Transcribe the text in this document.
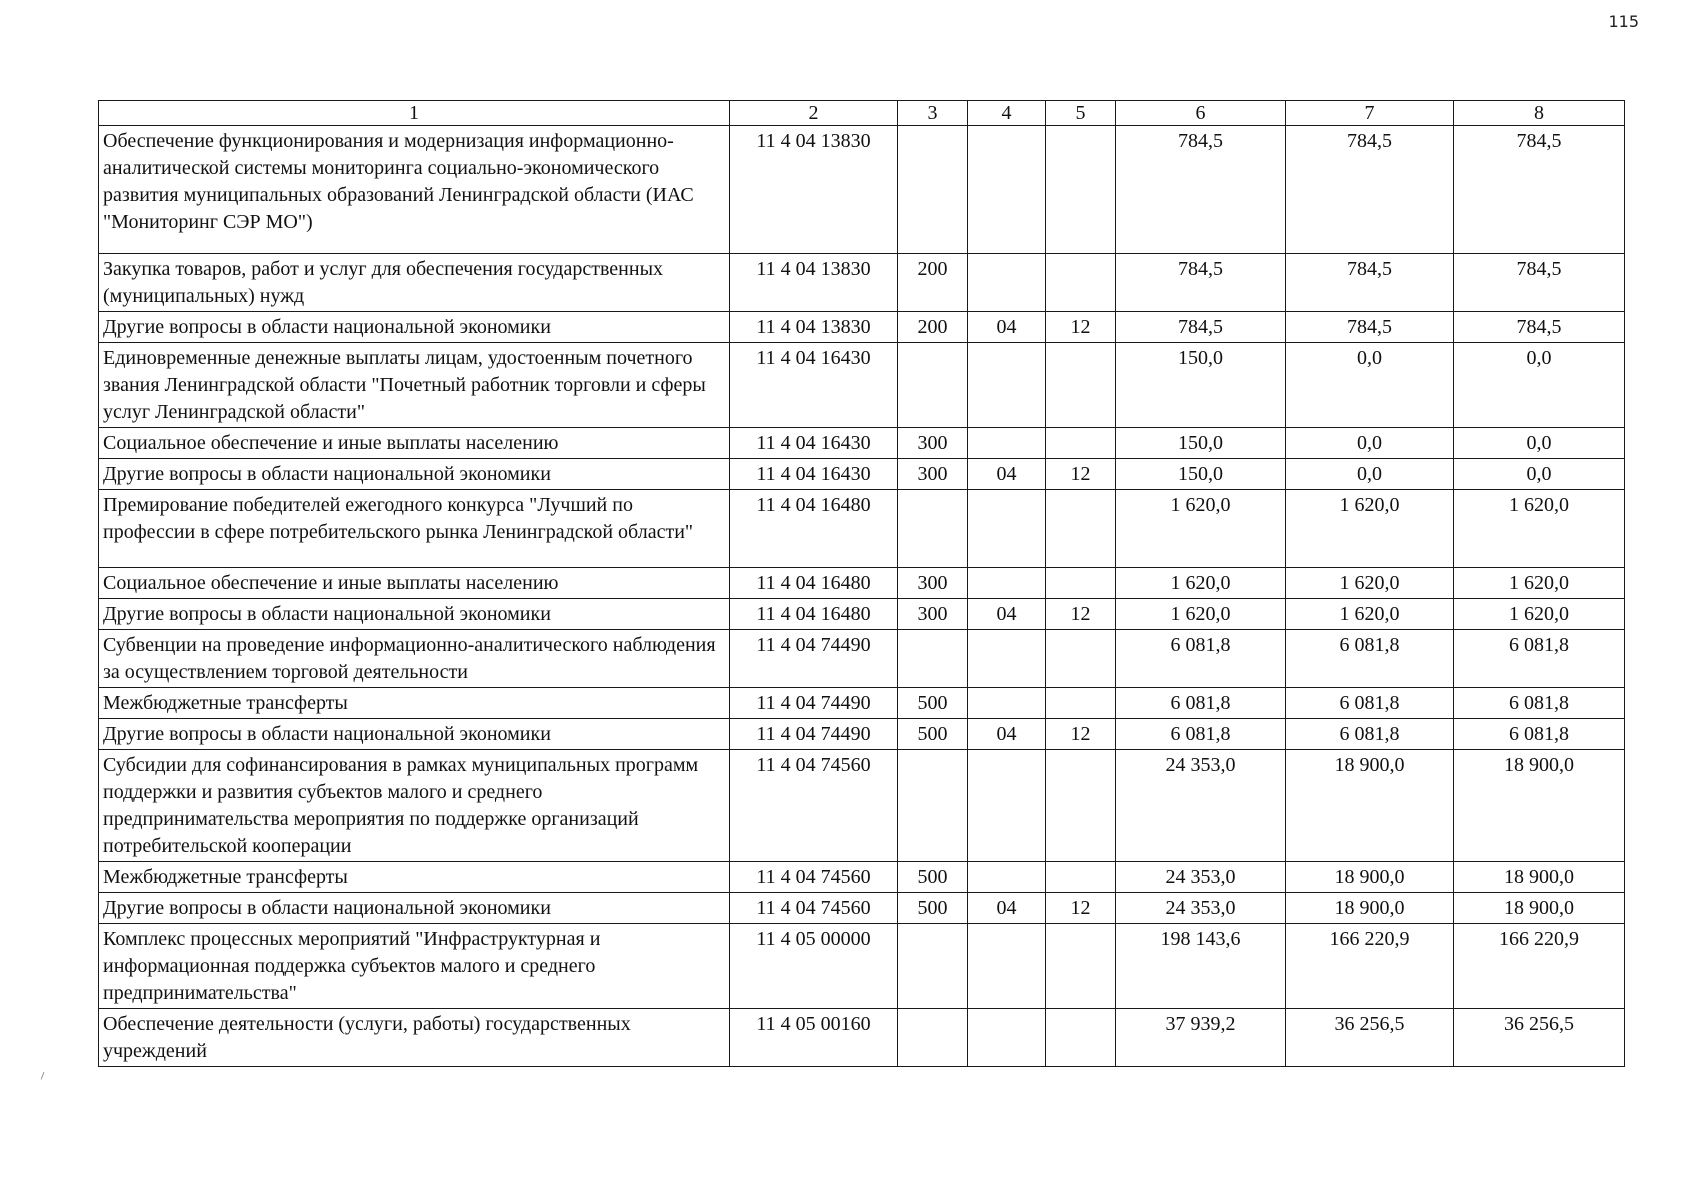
115
1	2	3	4	5	6	7	8
Обеспечение функционирования и модернизация информационно-аналитической системы мониторинга социально-экономического развития муниципальных образований Ленинградской области (ИАС "Мониторинг СЭР МО")	11 4 04 13830				784,5	784,5	784,5
Закупка товаров, работ и услуг для обеспечения государственных (муниципальных) нужд	11 4 04 13830	200			784,5	784,5	784,5
Другие вопросы в области национальной экономики	11 4 04 13830	200	04	12	784,5	784,5	784,5
Единовременные денежные выплаты лицам, удостоенным почетного звания Ленинградской области "Почетный работник торговли и сферы услуг Ленинградской области"	11 4 04 16430				150,0	0,0	0,0
Социальное обеспечение и иные выплаты населению	11 4 04 16430	300			150,0	0,0	0,0
Другие вопросы в области национальной экономики	11 4 04 16430	300	04	12	150,0	0,0	0,0
Премирование победителей ежегодного конкурса "Лучший по профессии в сфере потребительского рынка Ленинградской области"	11 4 04 16480				1 620,0	1 620,0	1 620,0
Социальное обеспечение и иные выплаты населению	11 4 04 16480	300			1 620,0	1 620,0	1 620,0
Другие вопросы в области национальной экономики	11 4 04 16480	300	04	12	1 620,0	1 620,0	1 620,0
Субвенции на проведение информационно-аналитического наблюдения за осуществлением торговой деятельности	11 4 04 74490				6 081,8	6 081,8	6 081,8
Межбюджетные трансферты	11 4 04 74490	500			6 081,8	6 081,8	6 081,8
Другие вопросы в области национальной экономики	11 4 04 74490	500	04	12	6 081,8	6 081,8	6 081,8
Субсидии для софинансирования в рамках муниципальных программ поддержки и развития субъектов малого и среднего предпринимательства мероприятия по поддержке организаций потребительской кооперации	11 4 04 74560				24 353,0	18 900,0	18 900,0
Межбюджетные трансферты	11 4 04 74560	500			24 353,0	18 900,0	18 900,0
Другие вопросы в области национальной экономики	11 4 04 74560	500	04	12	24 353,0	18 900,0	18 900,0
Комплекс процессных мероприятий "Инфраструктурная и информационная поддержка субъектов малого и среднего предпринимательства"	11 4 05 00000				198 143,6	166 220,9	166 220,9
Обеспечение деятельности (услуги, работы) государственных учреждений	11 4 05 00160				37 939,2	36 256,5	36 256,5
